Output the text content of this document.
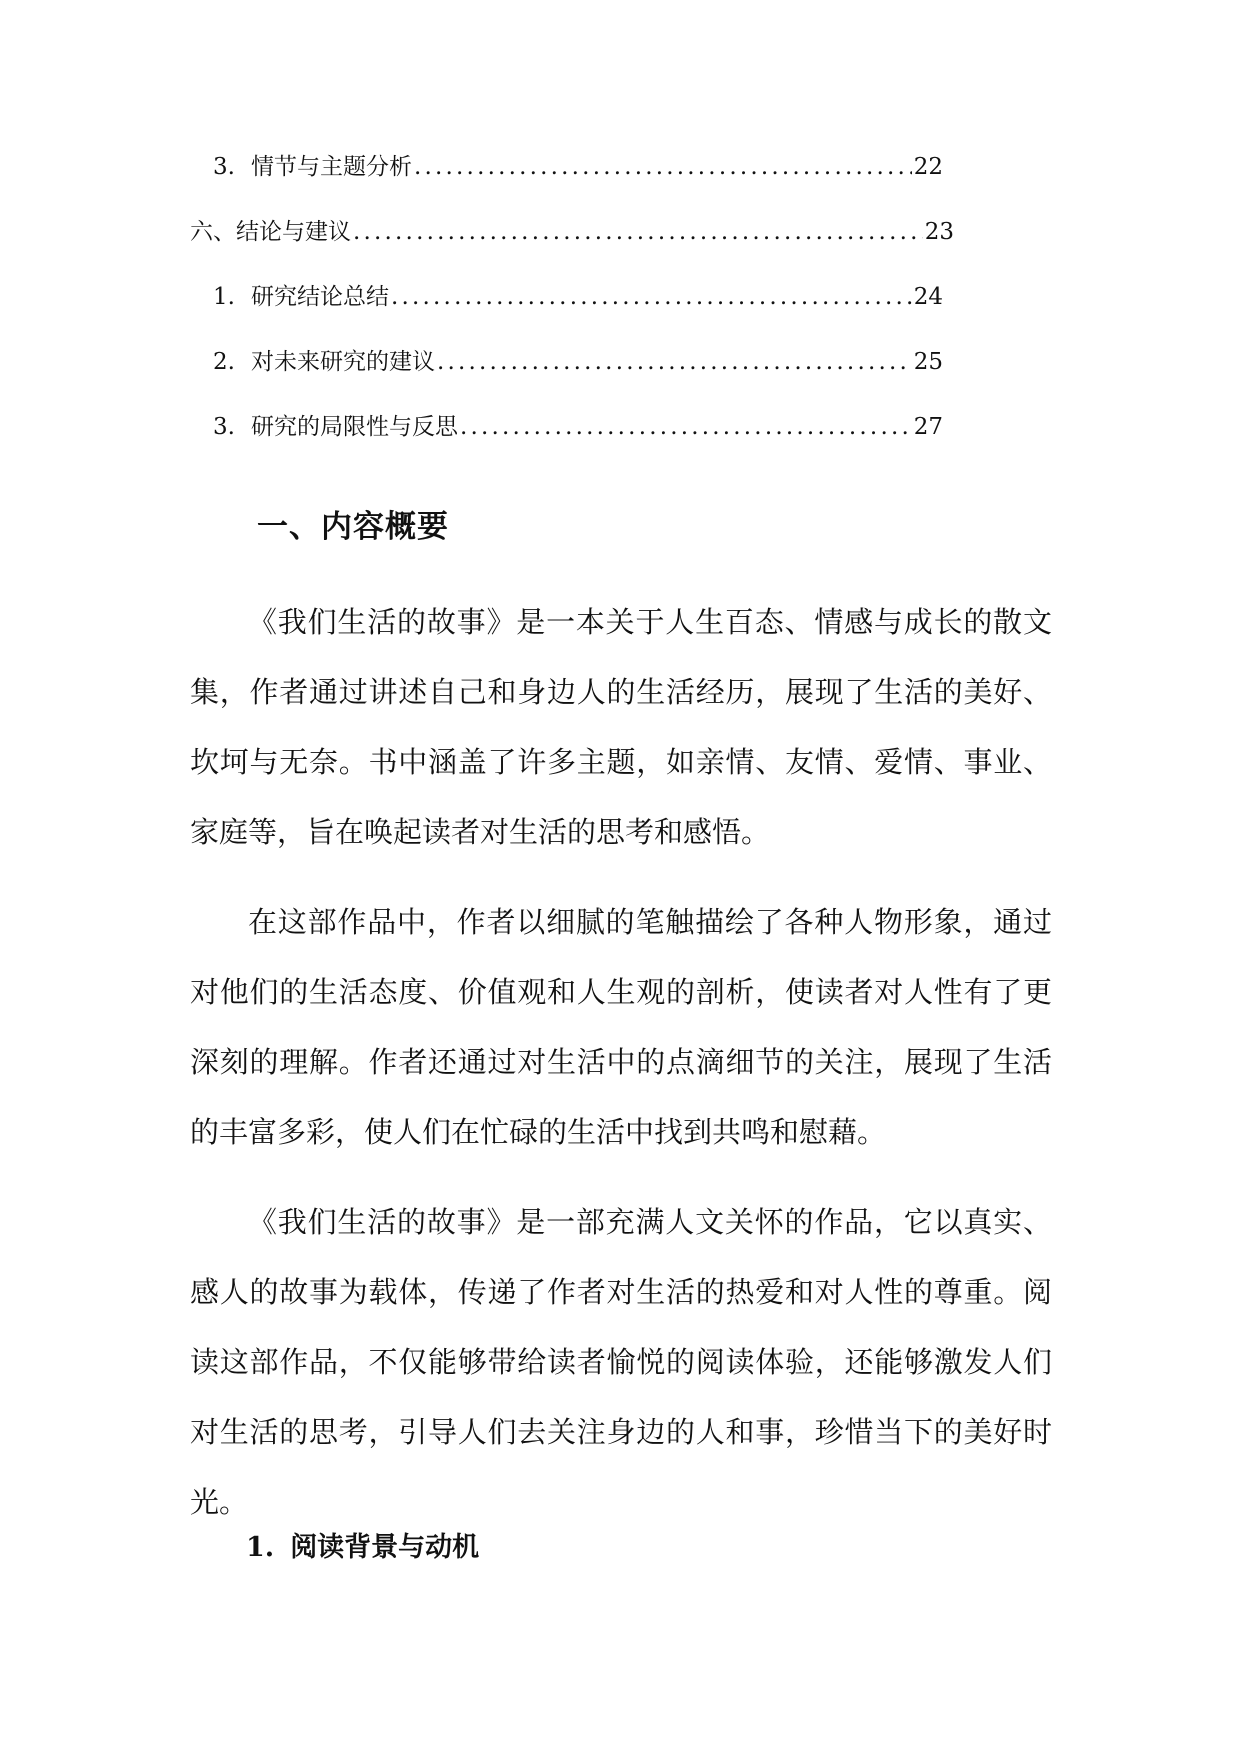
3. 情节与主题分析 .....	22
六、结论与建议 .....	23
1. 研究结论总结 .....	24
2. 对未来研究的建议 .....	25
3. 研究的局限性与反思 .....	27
一、内容概要

《我们生活的故事》是一本关于人生百态、情感与成长的散文集，作者通过讲述自己和身边人的生活经历，展现了生活的美好、坎坷与无奈。书中涵盖了许多主题，如亲情、友情、爱情、事业、家庭等，旨在唤起读者对生活的思考和感悟。

在这部作品中，作者以细腻的笔触描绘了各种人物形象，通过对他们的生活态度、价值观和人生观的剖析，使读者对人性有了更深刻的理解。作者还通过对生活中的点滴细节的关注，展现了生活的丰富多彩，使人们在忙碌的生活中找到共鸣和慰藉。

《我们生活的故事》是一部充满人文关怀的作品，它以真实、感人的故事为载体，传递了作者对生活的热爱和对人性的尊重。阅读这部作品，不仅能够带给读者愉悦的阅读体验，还能够激发人们对生活的思考，引导人们去关注身边的人和事，珍惜当下的美好时光。

1. 阅读背景与动机
